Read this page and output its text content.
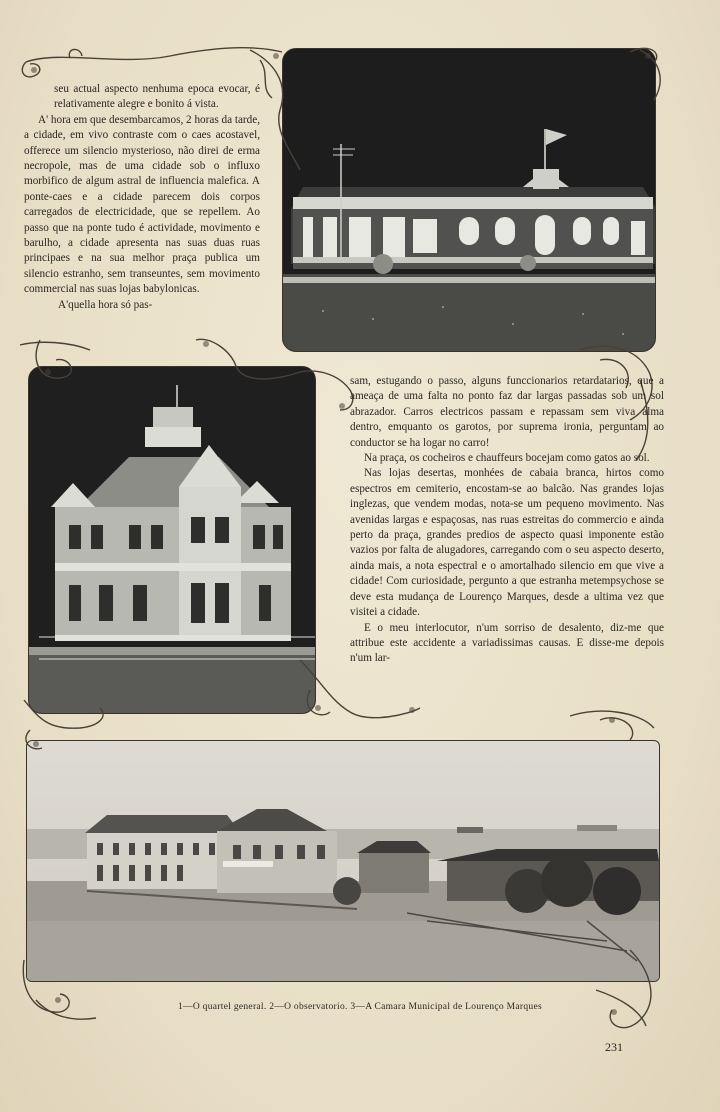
seu actual aspecto nenhuma epoca evocar, é relativamente alegre e bonito á vista.

A' hora em que desembarcamos, 2 horas da tarde, a cidade, em vivo contraste com o caes acostavel, offerece um silencio mysterioso, não direi de erma necropole, mas de uma cidade sob o influxo morbifico de algum astral de influencia malefica. A ponte-caes e a cidade parecem dois corpos carregados de electricidade, que se repellem. Ao passo que na ponte tudo é actividade, movimento e barulho, a cidade apresenta nas suas duas ruas principaes e na sua melhor praça publica um silencio estranho, sem transeuntes, sem movimento commercial nas suas lojas babylonicas.

A'quella hora só pas-

sam, estugando o passo, alguns funccionarios retardatarios, que a ameaça de uma falta no ponto faz dar largas passadas sob um sol abrazador. Carros electricos passam e repassam sem viva alma dentro, emquanto os garotos, por suprema ironia, perguntam ao conductor se ha logar no carro!

Na praça, os cocheiros e chauffeurs bocejam como gatos ao sol.

Nas lojas desertas, monhées de cabaia branca, hirtos como espectros em cemiterio, encostam-se ao balcão. Nas grandes lojas inglezas, que vendem modas, nota-se um pequeno movimento. Nas avenidas largas e espaçosas, nas ruas estreitas do commercio e ainda perto da praça, grandes predios de aspecto quasi imponente estão vazios por falta de alugadores, carregando com o seu aspecto deserto, ainda mais, a nota espectral e o amortalhado silencio em que vive a cidade! Com curiosidade, pergunto a que estranha metempsychose se deve esta mudança de Lourenço Marques, desde a ultima vez que visitei a cidade.

E o meu interlocutor, n'um sorriso de desalento, diz-me que attribue este accidente a variadissimas causas. E disse-me depois n'um lar-

1—O quartel general. 2—O observatorio. 3—A Camara Municipal de Lourenço Marques
231
